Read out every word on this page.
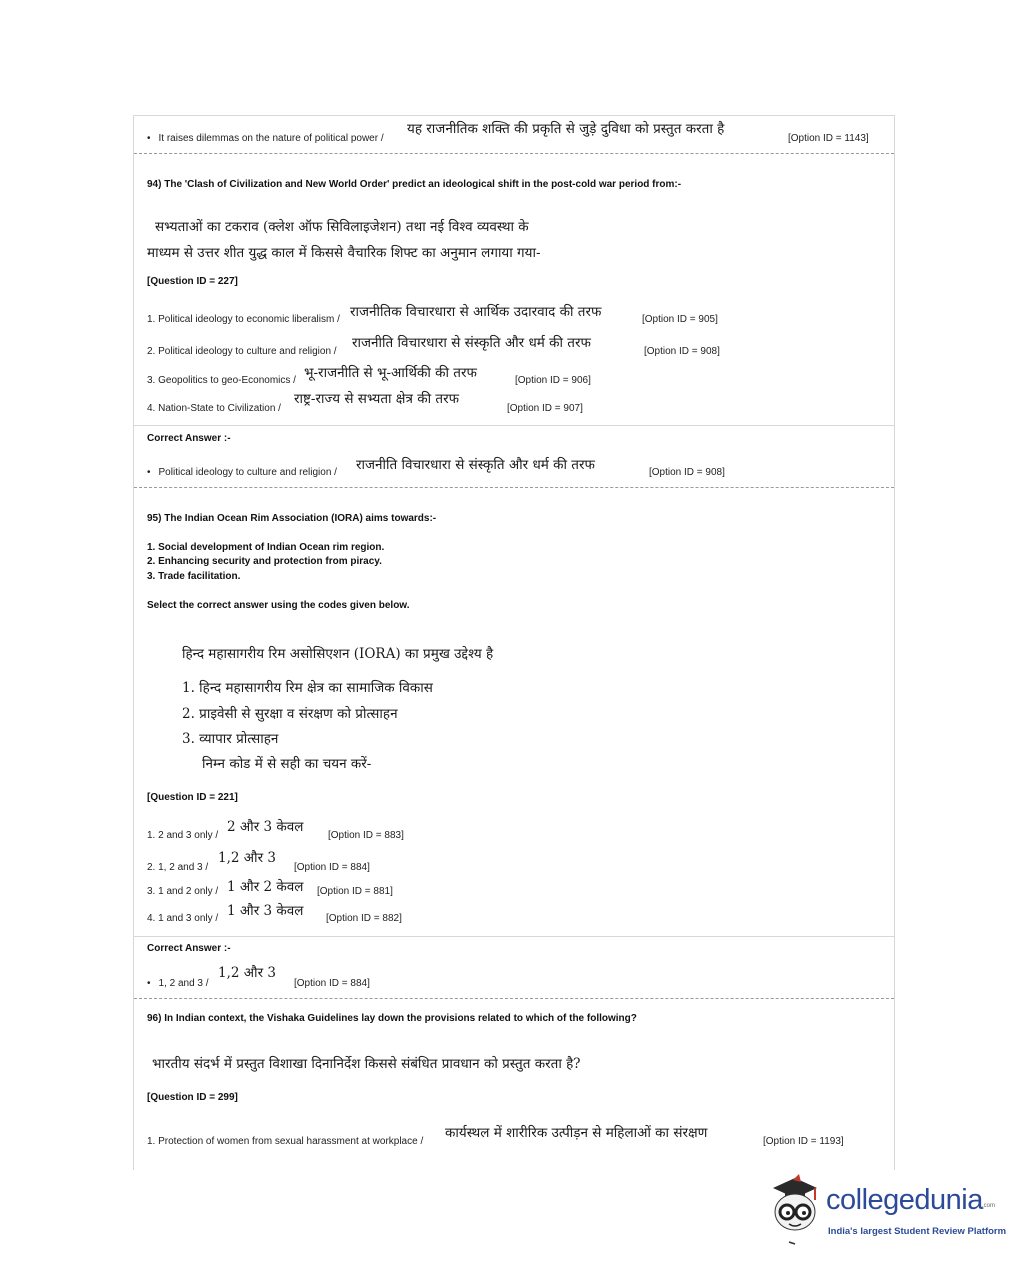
• It raises dilemmas on the nature of political power /
यह राजनीतिक शक्ति की प्रकृति से जुड़े दुविधा को प्रस्तुत करता है
[Option ID = 1143]
94) The 'Clash of Civilization and New World Order' predict an ideological shift in the post-cold war period from:-
सभ्यताओं का टकराव (क्लेश ऑफ सिविलाइजेशन) तथा नई विश्व व्यवस्था के
माध्यम से उत्तर शीत युद्ध काल में किससे वैचारिक शिफ्ट का अनुमान लगाया गया-
[Question ID = 227]
1. Political ideology to economic liberalism / राजनीतिक विचारधारा से आर्थिक उदारवाद की तरफ	[Option ID = 905]
2. Political ideology to culture and religion /
राजनीति विचारधारा से संस्कृति और धर्म की तरफ
[Option ID = 908]
3. Geopolitics to geo-Economics / भू-राजनीति से भू-आर्थिकी की तरफ	[Option ID = 906]
4. Nation-State to Civilization /
राष्ट्र-राज्य से सभ्यता क्षेत्र की तरफ
[Option ID = 907]
Correct Answer :-
• Political ideology to culture and religion / राजनीति विचारधारा से संस्कृति और धर्म की तरफ	[Option ID = 908]
95) The Indian Ocean Rim Association (IORA) aims towards:-
1. Social development of Indian Ocean rim region.
2. Enhancing security and protection from piracy.
3. Trade facilitation.
Select the correct answer using the codes given below.
हिन्द महासागरीय रिम असोसिएशन (IORA) का प्रमुख उद्देश्य है
1. हिन्द महासागरीय रिम क्षेत्र का सामाजिक विकास
2. प्राइवेसी से सुरक्षा व संरक्षण को प्रोत्साहन
3. व्यापार प्रोत्साहन
निम्न कोड में से सही का चयन करें-
[Question ID = 221]
1. 2 and 3 only /
2 और 3 केवल
[Option ID = 883]
2. 1, 2 and 3 /
1,2 और 3
[Option ID = 884]
3. 1 and 2 only / 1 और 2 केवल [Option ID = 881]
4. 1 and 3 only / 1 और 3 केवल [Option ID = 882]
Correct Answer :-
• 1, 2 and 3 /
1,2 और 3
[Option ID = 884]
96) In Indian context, the Vishaka Guidelines lay down the provisions related to which of the following?
भारतीय संदर्भ में प्रस्तुत विशाखा दिनानिर्देश किससे संबंधित प्रावधान को प्रस्तुत करता है?
[Question ID = 299]
1. Protection of women from sexual harassment at workplace /
कार्यस्थल में शारीरिक उत्पीड़न से महिलाओं का संरक्षण
[Option ID = 1193]
collegedunia .com
India's largest Student Review Platform
